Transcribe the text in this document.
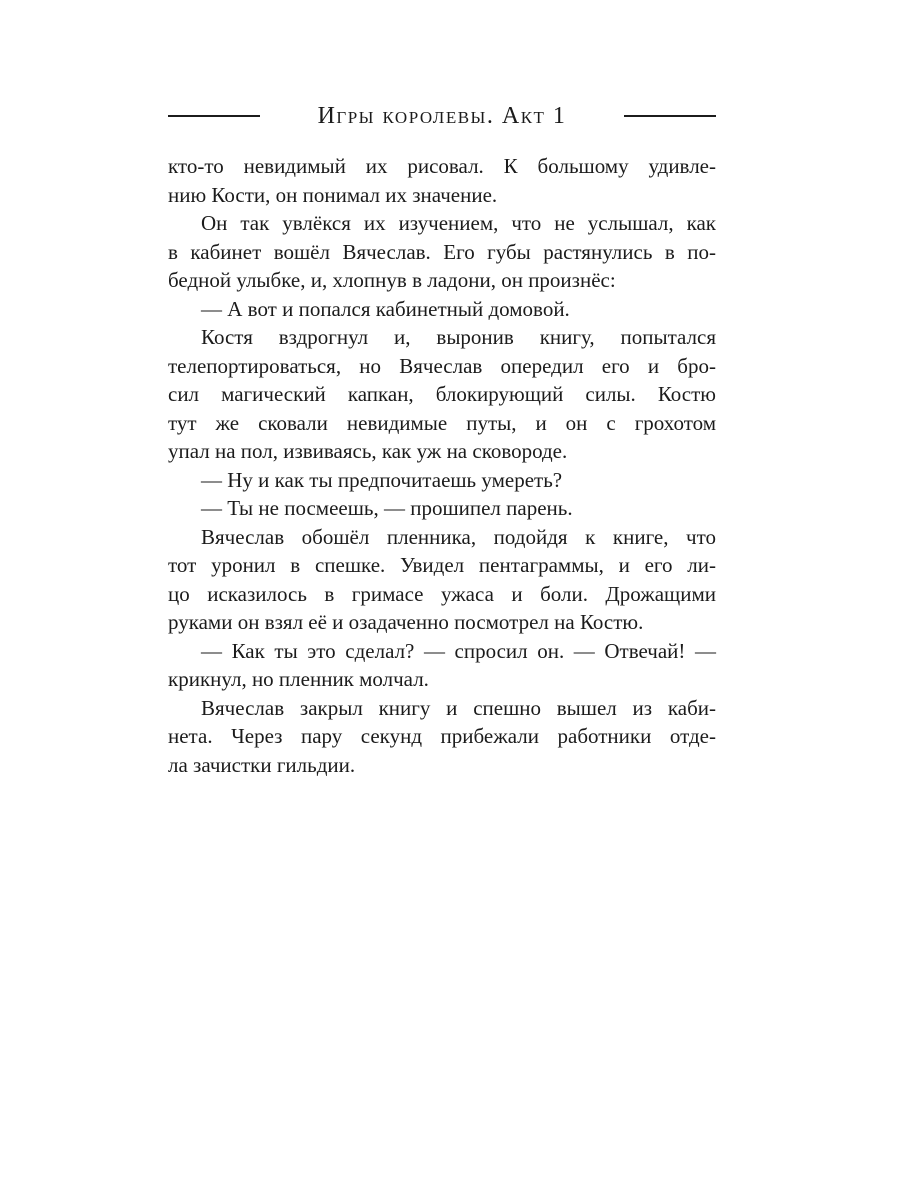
Игры королевы. Акт 1
кто-то невидимый их рисовал. К большому удивле-
нию Кости, он понимал их значение.
Он так увлёкся их изучением, что не услышал, как
в кабинет вошёл Вячеслав. Его губы растянулись в по-
бедной улыбке, и, хлопнув в ладони, он произнёс:
— А вот и попался кабинетный домовой.
Костя вздрогнул и, выронив книгу, попытался
телепортироваться, но Вячеслав опередил его и бро-
сил магический капкан, блокирующий силы. Костю
тут же сковали невидимые путы, и он с грохотом
упал на пол, извиваясь, как уж на сковороде.
— Ну и как ты предпочитаешь умереть?
— Ты не посмеешь, — прошипел парень.
Вячеслав обошёл пленника, подойдя к книге, что
тот уронил в спешке. Увидел пентаграммы, и его ли-
цо исказилось в гримасе ужаса и боли. Дрожащими
руками он взял её и озадаченно посмотрел на Костю.
— Как ты это сделал? — спросил он. — Отвечай! —
крикнул, но пленник молчал.
Вячеслав закрыл книгу и спешно вышел из каби-
нета. Через пару секунд прибежали работники отде-
ла зачистки гильдии.
